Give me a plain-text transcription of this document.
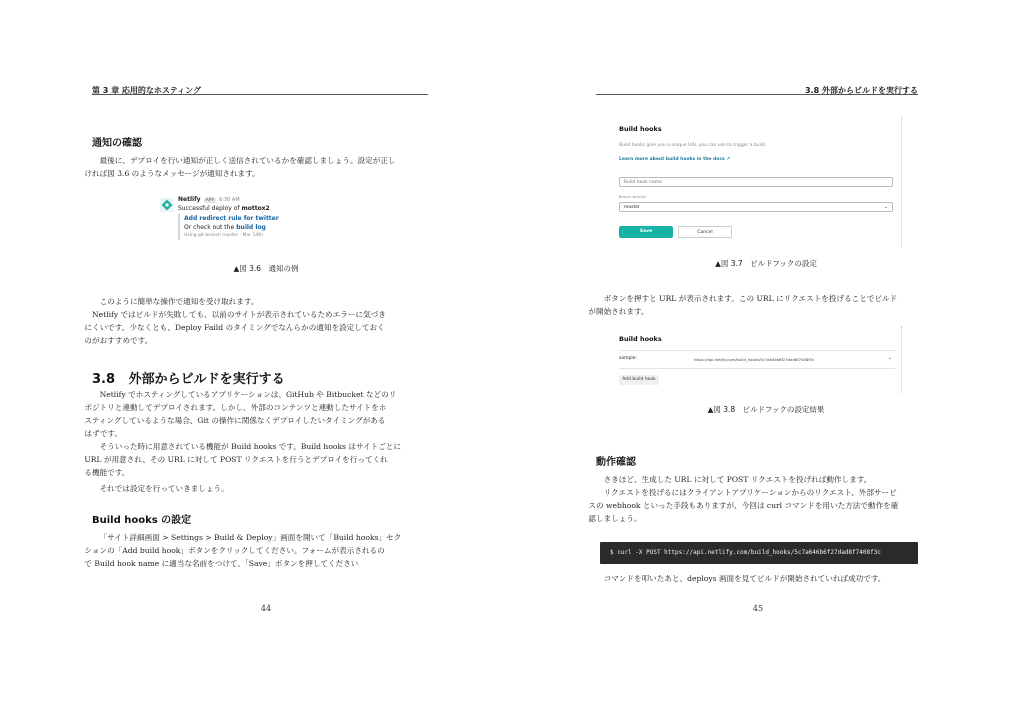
第 3 章 応用的なホスティング
通知の確認

最後に、デプロイを行い通知が正しく送信されているかを確認しましょう。設定が正し
ければ図 3.6 のようなメッセージが通知されます。

Netlify APP 6:30 AM
Successful deploy of mottox2
Add redirect rule for twitter
Or check out the build log
Using git branch master · Mar 14th
▲図 3.6　通知の例

このように簡単な操作で通知を受け取れます。
Netlify ではビルドが失敗しても、以前のサイトが表示されているためエラーに気づき
にくいです。少なくとも、Deploy Faild のタイミングでなんらかの通知を設定しておく
のがおすすめです。

3.8 外部からビルドを実行する

Netlify でホスティングしているアプリケーションは、GitHub や Bitbucket などのリ
ポジトリと連動してデプロイされます。しかし、外部のコンテンツと連動したサイトをホ
スティングしているような場合、Git の操作に関係なくデプロイしたいタイミングがある
はずです。

そういった時に用意されている機能が Build hooks です。Build hooks はサイトごとに
URL が用意され、その URL に対して POST リクエストを行うとデプロイを行ってくれ
る機能です。

それでは設定を行っていきましょう。

Build hooks の設定

「サイト詳細画面 > Settings > Build & Deploy」画面を開いて「Build hooks」セク
ションの「Add build hook」ボタンをクリックしてください。フォームが表示されるの
で Build hook name に適当な名前をつけて、「Save」ボタンを押してください

44
3.8 外部からビルドを実行する
Build hooks
Build hooks give you a unique URL you can use to trigger a build.
Learn more about build hooks in the docs ↗
Build hook name
Branch to build
master	⌄
Save	Cancel
▲図 3.7　ビルドフックの設定

ボタンを押すと URL が表示されます。この URL にリクエストを投げることでビルド
が開始されます。

Build hooks
sample:	https://api.netlify.com/build_hooks/5c7a646b6f27dad8f7408f3c	⌄
Add build hook
▲図 3.8　ビルドフックの設定結果
動作確認

さきほど、生成した URL に対して POST リクエストを投げれば動作します。

リクエストを投げるにはクライアントアプリケーションからのリクエスト、外部サービ
スの webhook といった手段もありますが、今回は curl コマンドを用いた方法で動作を確
認しましょう。

$ curl -X POST https://api.netlify.com/build_hooks/5c7a646b6f27dad8f7408f3c

コマンドを叩いたあと、deploys 画面を見てビルドが開始されていれば成功です。

45
